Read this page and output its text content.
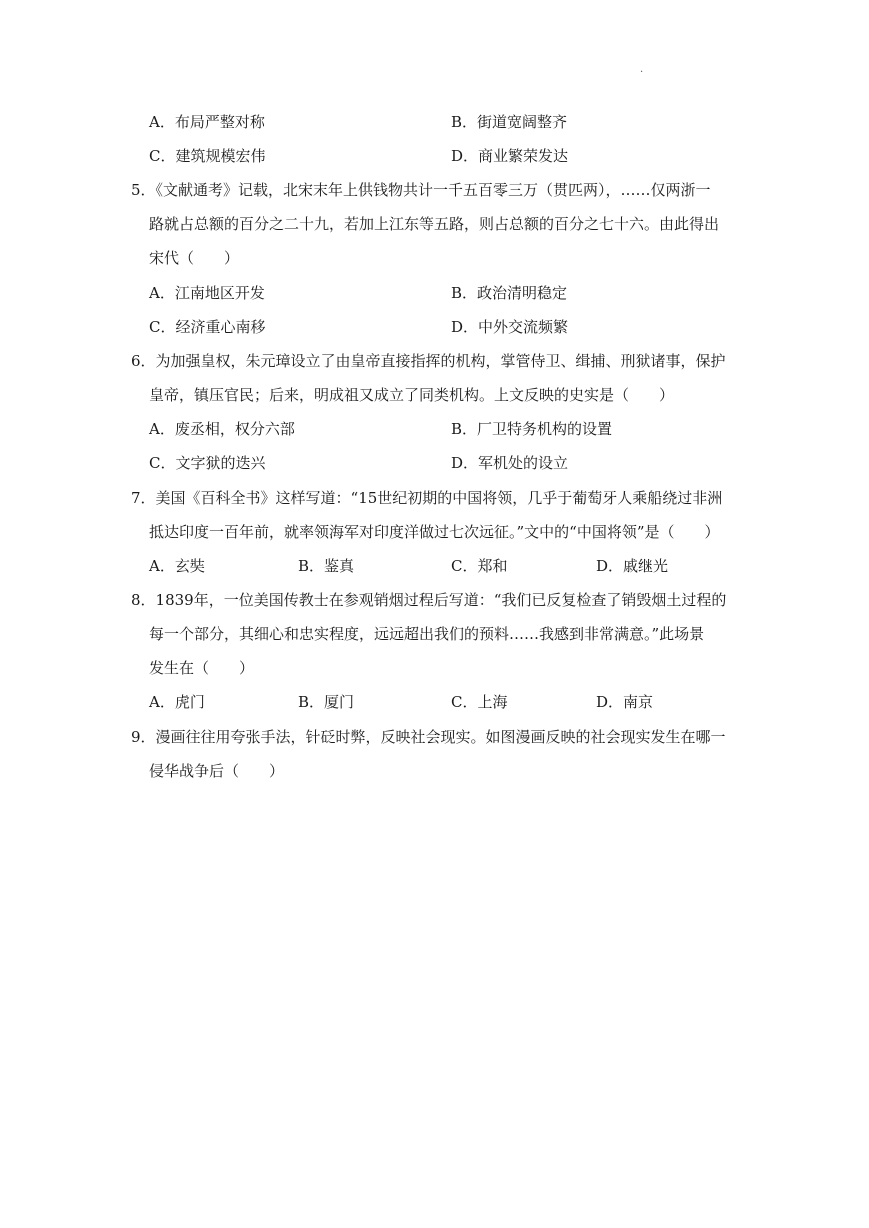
.
A．布局严整对称	B．街道宽阔整齐
C．建筑规模宏伟	D．商业繁荣发达
5．《文献通考》记载，北宋末年上供钱物共计一千五百零三万（贯匹两），……仅两浙一
路就占总额的百分之二十九，若加上江东等五路，则占总额的百分之七十六。由此得出
宋代（　　）
A．江南地区开发	B．政治清明稳定
C．经济重心南移	D．中外交流频繁
6．为加强皇权，朱元璋设立了由皇帝直接指挥的机构，掌管侍卫、缉捕、刑狱诸事，保护
皇帝，镇压官民；后来，明成祖又成立了同类机构。上文反映的史实是（　　）
A．废丞相，权分六部	B．厂卫特务机构的设置
C．文字狱的迭兴	D．军机处的设立
7．美国《百科全书》这样写道：“15世纪初期的中国将领，几乎于葡萄牙人乘船绕过非洲
抵达印度一百年前，就率领海军对印度洋做过七次远征。”文中的“中国将领”是（　　）
A．玄奘	B．鉴真	C．郑和	D．戚继光
8．1839年，一位美国传教士在参观销烟过程后写道：“我们已反复检查了销毁烟土过程的
每一个部分，其细心和忠实程度，远远超出我们的预料……我感到非常满意。”此场景
发生在（　　）
A．虎门	B．厦门	C．上海	D．南京
9．漫画往往用夸张手法，针砭时弊，反映社会现实。如图漫画反映的社会现实发生在哪一
侵华战争后（　　）
